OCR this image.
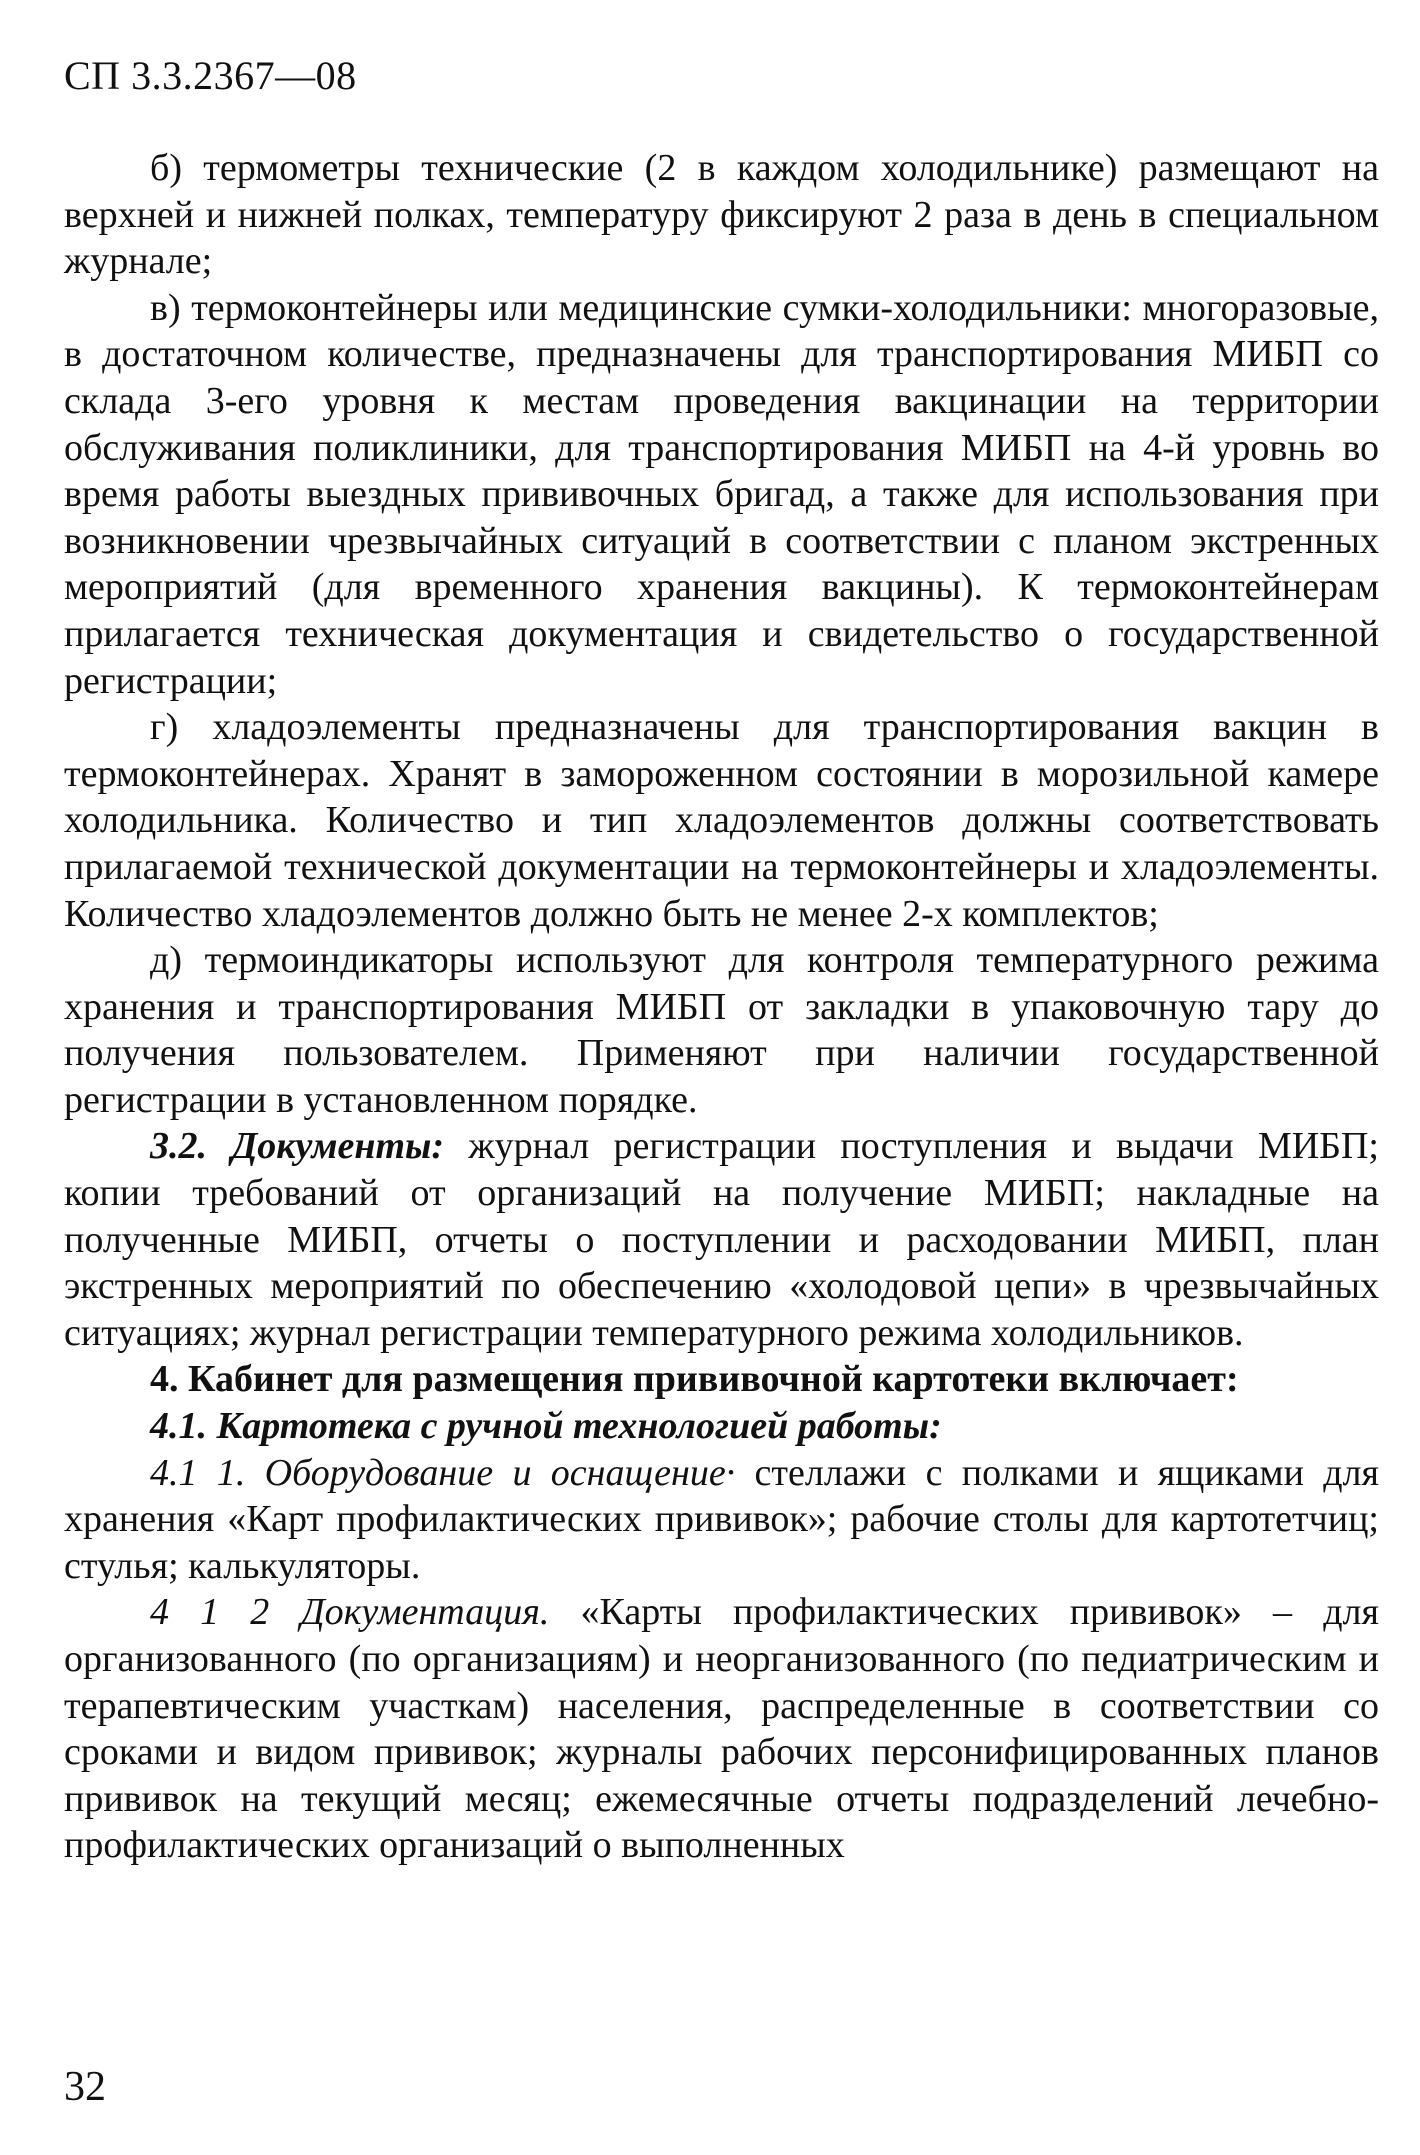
СП 3.3.2367—08

б) термометры технические (2 в каждом холодильнике) размещают на верхней и нижней полках, температуру фиксируют 2 раза в день в специальном журнале;

в) термоконтейнеры или медицинские сумки-холодильники: многоразовые, в достаточном количестве, предназначены для транспортирования МИБП со склада 3-его уровня к местам проведения вакцинации на территории обслуживания поликлиники, для транспортирования МИБП на 4-й уровнь во время работы выездных прививочных бригад, а также для использования при возникновении чрезвычайных ситуаций в соответствии с планом экстренных мероприятий (для временного хранения вакцины). К термоконтейнерам прилагается техническая документация и свидетельство о государственной регистрации;

г) хладоэлементы предназначены для транспортирования вакцин в термоконтейнерах. Хранят в замороженном состоянии в морозильной камере холодильника. Количество и тип хладоэлементов должны соответствовать прилагаемой технической документации на термоконтейнеры и хладоэлементы. Количество хладоэлементов должно быть не менее 2-х комплектов;

д) термоиндикаторы используют для контроля температурного режима хранения и транспортирования МИБП от закладки в упаковочную тару до получения пользователем. Применяют при наличии государственной регистрации в установленном порядке.

3.2. Документы: журнал регистрации поступления и выдачи МИБП; копии требований от организаций на получение МИБП; накладные на полученные МИБП, отчеты о поступлении и расходовании МИБП, план экстренных мероприятий по обеспечению «холодовой цепи» в чрезвычайных ситуациях; журнал регистрации температурного режима холодильников.

4. Кабинет для размещения прививочной картотеки включает:

4.1. Картотека с ручной технологией работы:

4.1 1. Оборудование и оснащение· стеллажи с полками и ящиками для хранения «Карт профилактических прививок»; рабочие столы для картотетчиц; стулья; калькуляторы.

4 1 2 Документация. «Карты профилактических прививок» – для организованного (по организациям) и неорганизованного (по педиатрическим и терапевтическим участкам) населения, распределенные в соответствии со сроками и видом прививок; журналы рабочих персонифицированных планов прививок на текущий месяц; ежемесячные отчеты подразделений лечебно-профилактических организаций о выполненных

32
